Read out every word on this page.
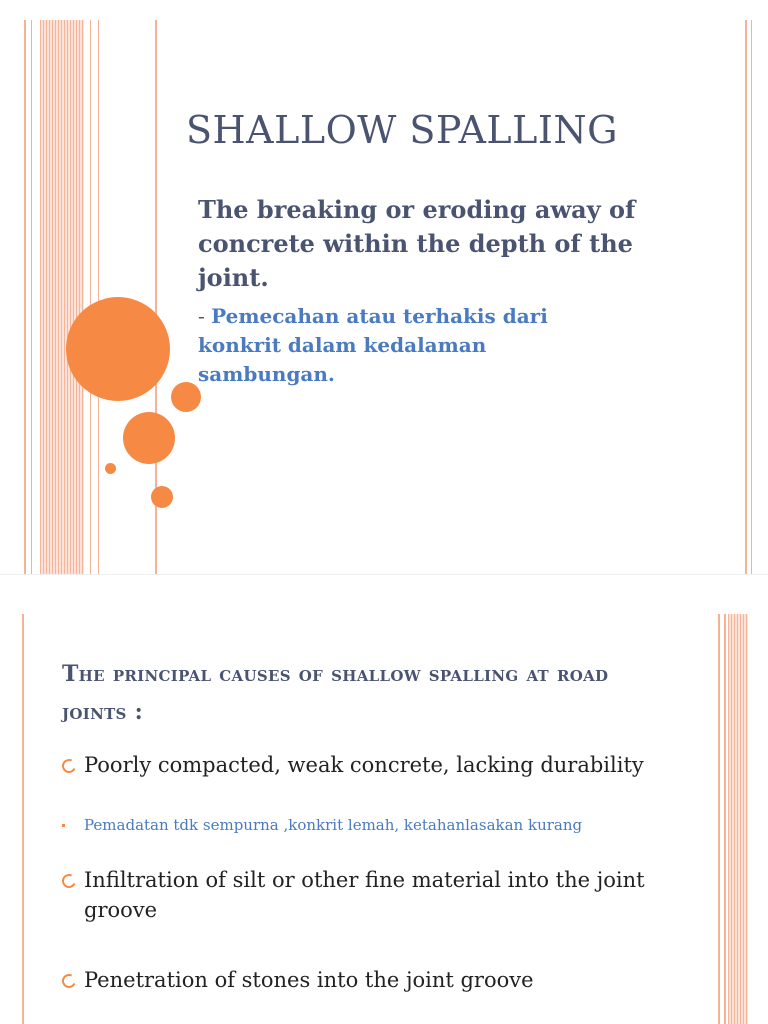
SHALLOW SPALLING

The breaking or eroding away of concrete within the depth of the joint.

- Pemecahan atau terhakis dari konkrit dalam kedalaman sambungan.

The principal causes of shallow spalling at road joints :
Poorly compacted, weak concrete, lacking durability
Pemadatan tdk sempurna ,konkrit lemah, ketahanlasakan kurang
Infiltration of silt or other fine material into the joint groove
Penetration of stones into the joint groove
